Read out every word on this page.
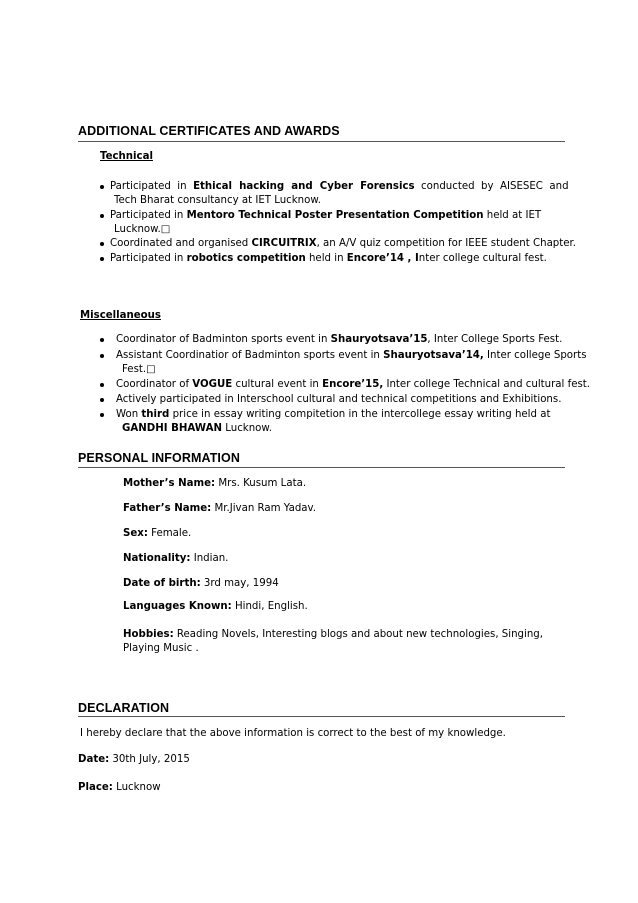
ADDITIONAL CERTIFICATES AND AWARDS
Technical
Participated  in  Ethical  hacking  and  Cyber  Forensics  conducted  by  AISESEC  and
Tech Bharat consultancy at IET Lucknow.
Participated in Mentoro Technical Poster Presentation Competition held at IET
Lucknow.□
Coordinated and organised CIRCUITRIX, an A/V quiz competition for IEEE student Chapter.
Participated in robotics competition held in Encore’14 , Inter college cultural fest.
Miscellaneous
Coordinator of Badminton sports event in Shauryotsava’15, Inter College Sports Fest.
Assistant Coordinatior of Badminton sports event in Shauryotsava’14, Inter college Sports
Fest.□
Coordinator of VOGUE cultural event in Encore’15, Inter college Technical and cultural fest.
Actively participated in Interschool cultural and technical competitions and Exhibitions.
Won third price in essay writing compitetion in the intercollege essay writing held at
GANDHI BHAWAN Lucknow.
PERSONAL INFORMATION
Mother’s Name: Mrs. Kusum Lata.
Father’s Name: Mr.Jivan Ram Yadav.
Sex: Female.
Nationality: Indian.
Date of birth: 3rd may, 1994
Languages Known: Hindi, English.
Hobbies: Reading Novels, Interesting blogs and about new technologies, Singing,
Playing Music .
DECLARATION
I hereby declare that the above information is correct to the best of my knowledge.
Date: 30th July, 2015
Place: Lucknow
